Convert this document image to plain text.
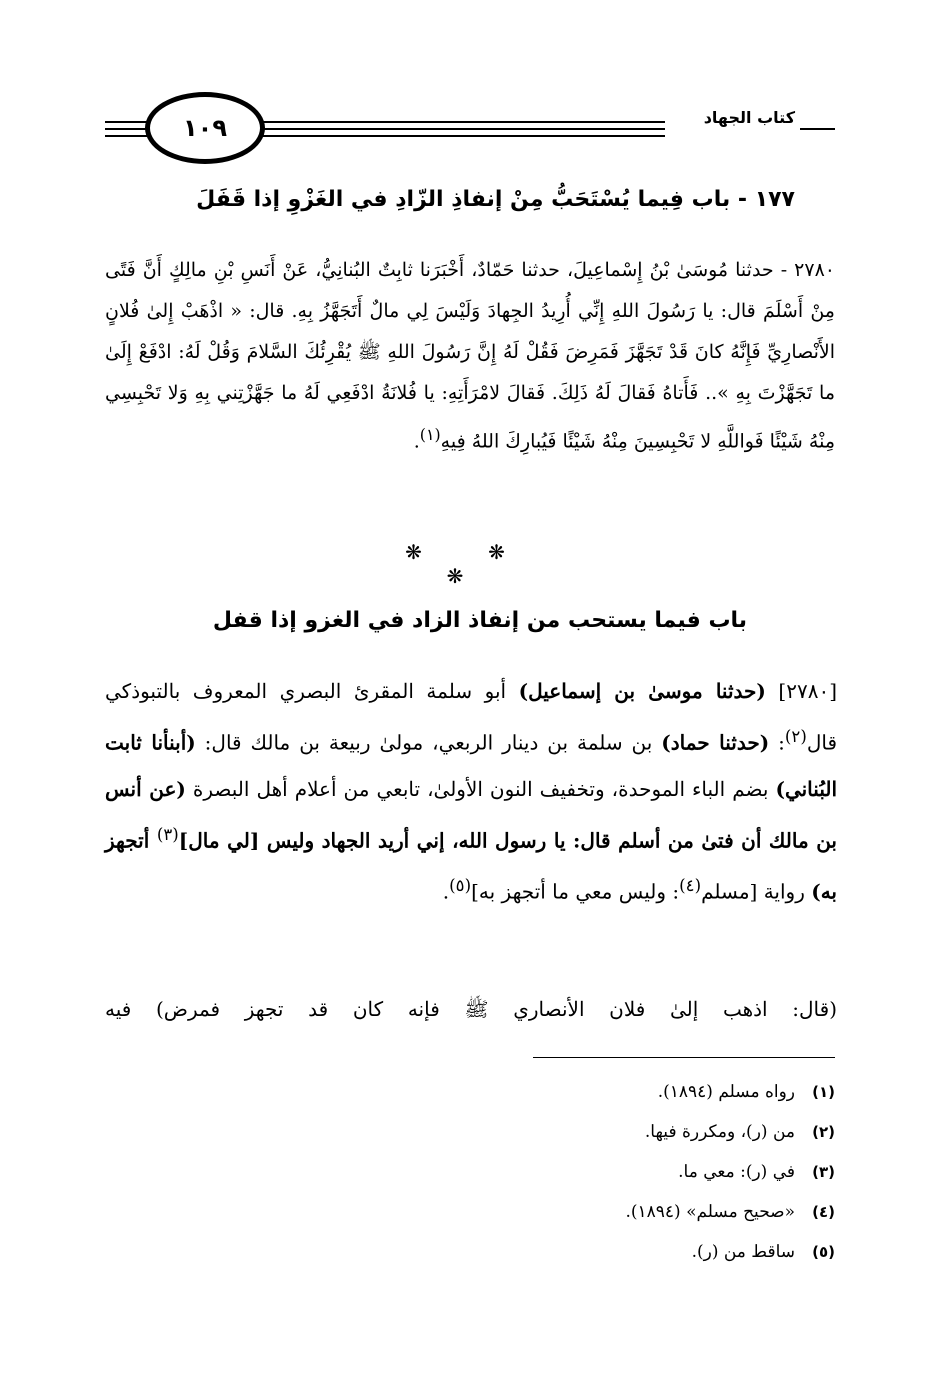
كتاب الجهاد
١٠٩
١٧٧ - باب فِيما يُسْتَحَبُّ مِنْ إنفاذِ الزّادِ في الغَزْوِ إذا قَفَلَ
٢٧٨٠ - حدثنا مُوسَىٰ بْنُ إِسْماعِيلَ، حدثنا حَمّادٌ، أَخْبَرَنا ثابِتٌ البُنانِيُّ، عَنْ أَنَسِ بْنِ مالِكٍ أَنَّ فَتًى مِنْ أَسْلَمَ قال: يا رَسُولَ اللهِ إِنِّي أُرِيدُ الجِهادَ وَلَيْسَ لِي مالٌ أَتَجَهَّزُ بِهِ. قال: « اذْهَبْ إِلىٰ فُلانٍ الأَنْصارِيِّ فَإِنَّهُ كانَ قَدْ تَجَهَّزَ فَمَرِضَ فَقُلْ لَهُ إِنَّ رَسُولَ اللهِ ﷺ يُقْرِئُكَ السَّلامَ وَقُلْ لَهُ: ادْفَعْ إِلَىٰ ما تَجَهَّزْتَ بِهِ ».. فَأَتاهُ فَقالَ لَهُ ذَلِكَ. فَقالَ لامْرَأَتِهِ: يا فُلانَةُ ادْفَعِي لَهُ ما جَهَّزْتِني بِهِ وَلا تَحْبِسِي مِنْهُ شَيْئًا فَواللَّهِ لا تَحْبِسِينَ مِنْهُ شَيْئًا فَيُبارِكَ اللهُ فِيهِ$^{(١)}$.
❋ ❋ ❋
باب فيما يستحب من إنفاذ الزاد في الغزو إذا قفل
[٢٧٨٠] (حدثنا موسىٰ بن إسماعيل) أبو سلمة المقرئ البصري المعروف بالتبوذكي قال$^{(٢)}$: (حدثنا حماد) بن سلمة بن دينار الربعي، مولىٰ ربيعة بن مالك قال: (أبنأنا ثابت البُناني) بضم الباء الموحدة، وتخفيف النون الأولىٰ، تابعي من أعلام أهل البصرة (عن أنس بن مالك أن فتىٰ من أسلم قال: يا رسول الله، إني أريد الجهاد وليس [لي مال]$^{(٣)}$ أتجهز به) رواية [مسلم$^{(٤)}$: وليس معي ما أتجهز به]$^{(٥)}$.
(قال: اذهب إلىٰ فلان الأنصاري ﷺ فإنه كان قد تجهز فمرض) فيه
(١)رواه مسلم (١٨٩٤).
(٢)من (ر)، ومكررة فيها.
(٣)في (ر): معي ما.
(٤)«صحيح مسلم» (١٨٩٤).
(٥)ساقط من (ر).
